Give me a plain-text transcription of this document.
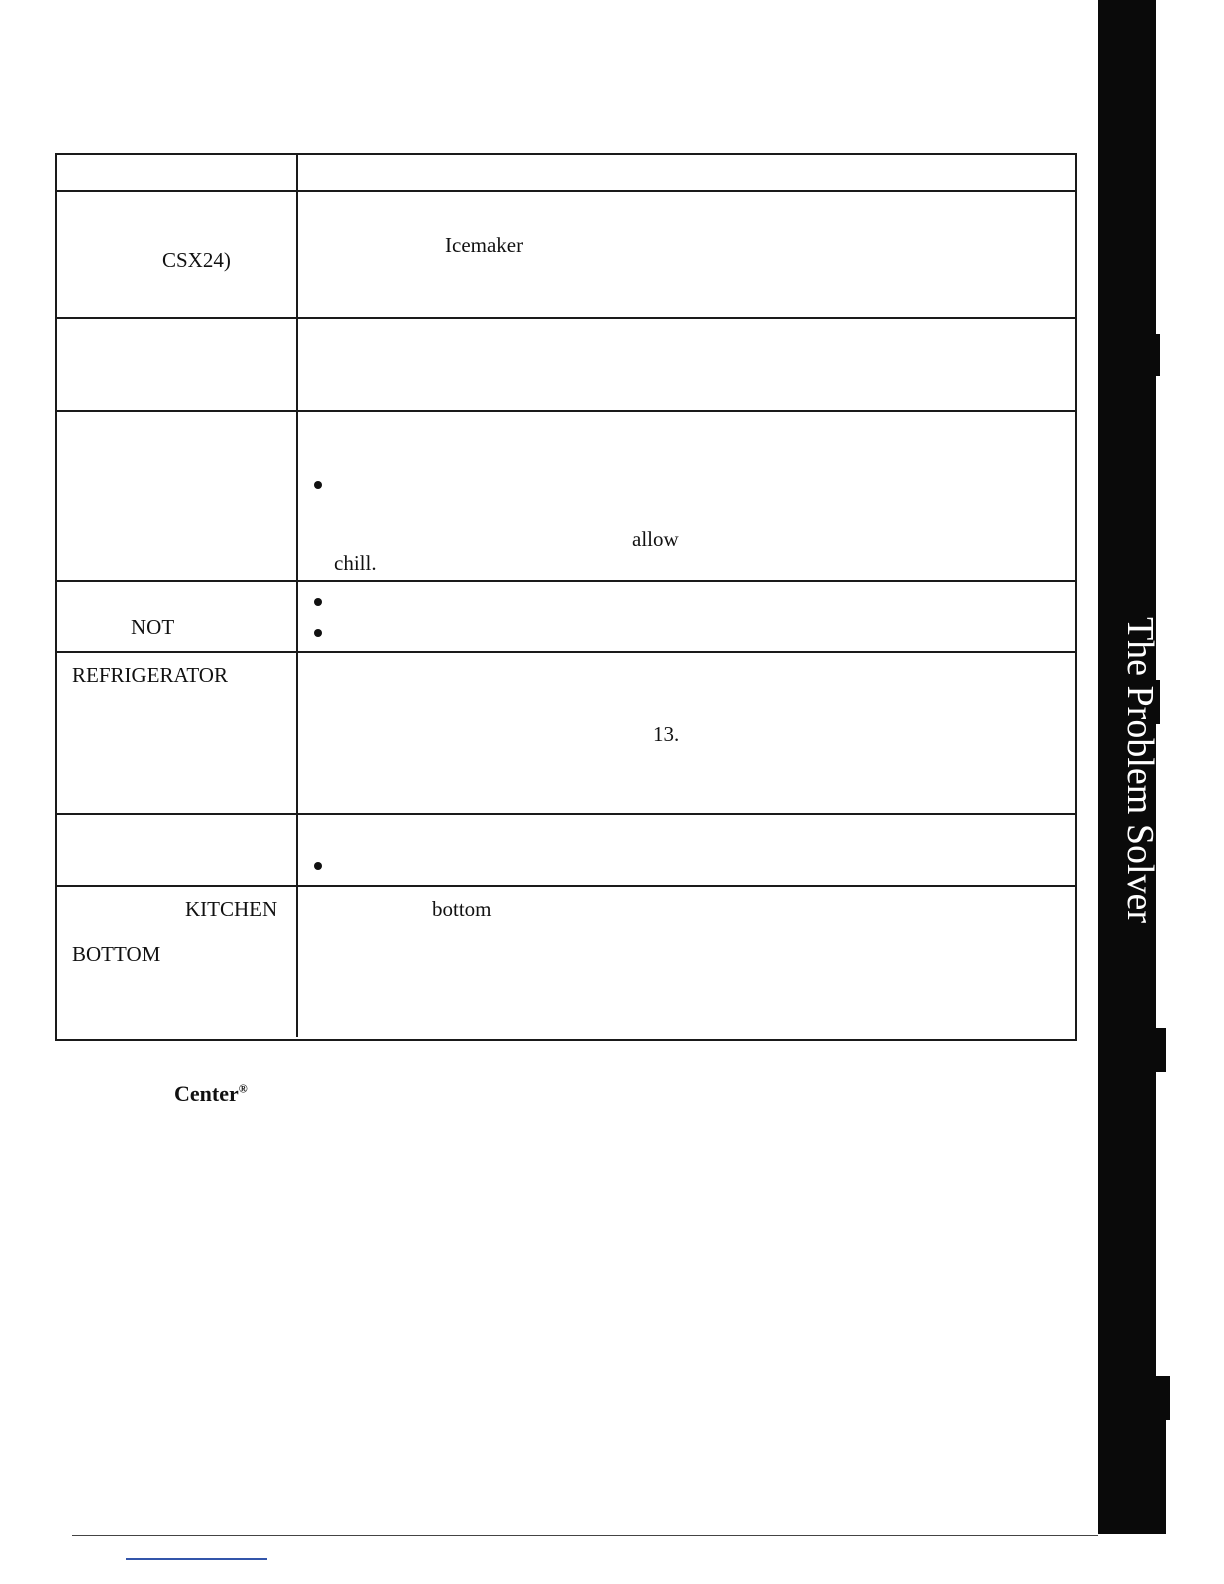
The Problem Solver
CSX24)
Icemaker
allow
chill.
NOT
REFRIGERATOR
13.
KITCHEN
BOTTOM
bottom
Center®
